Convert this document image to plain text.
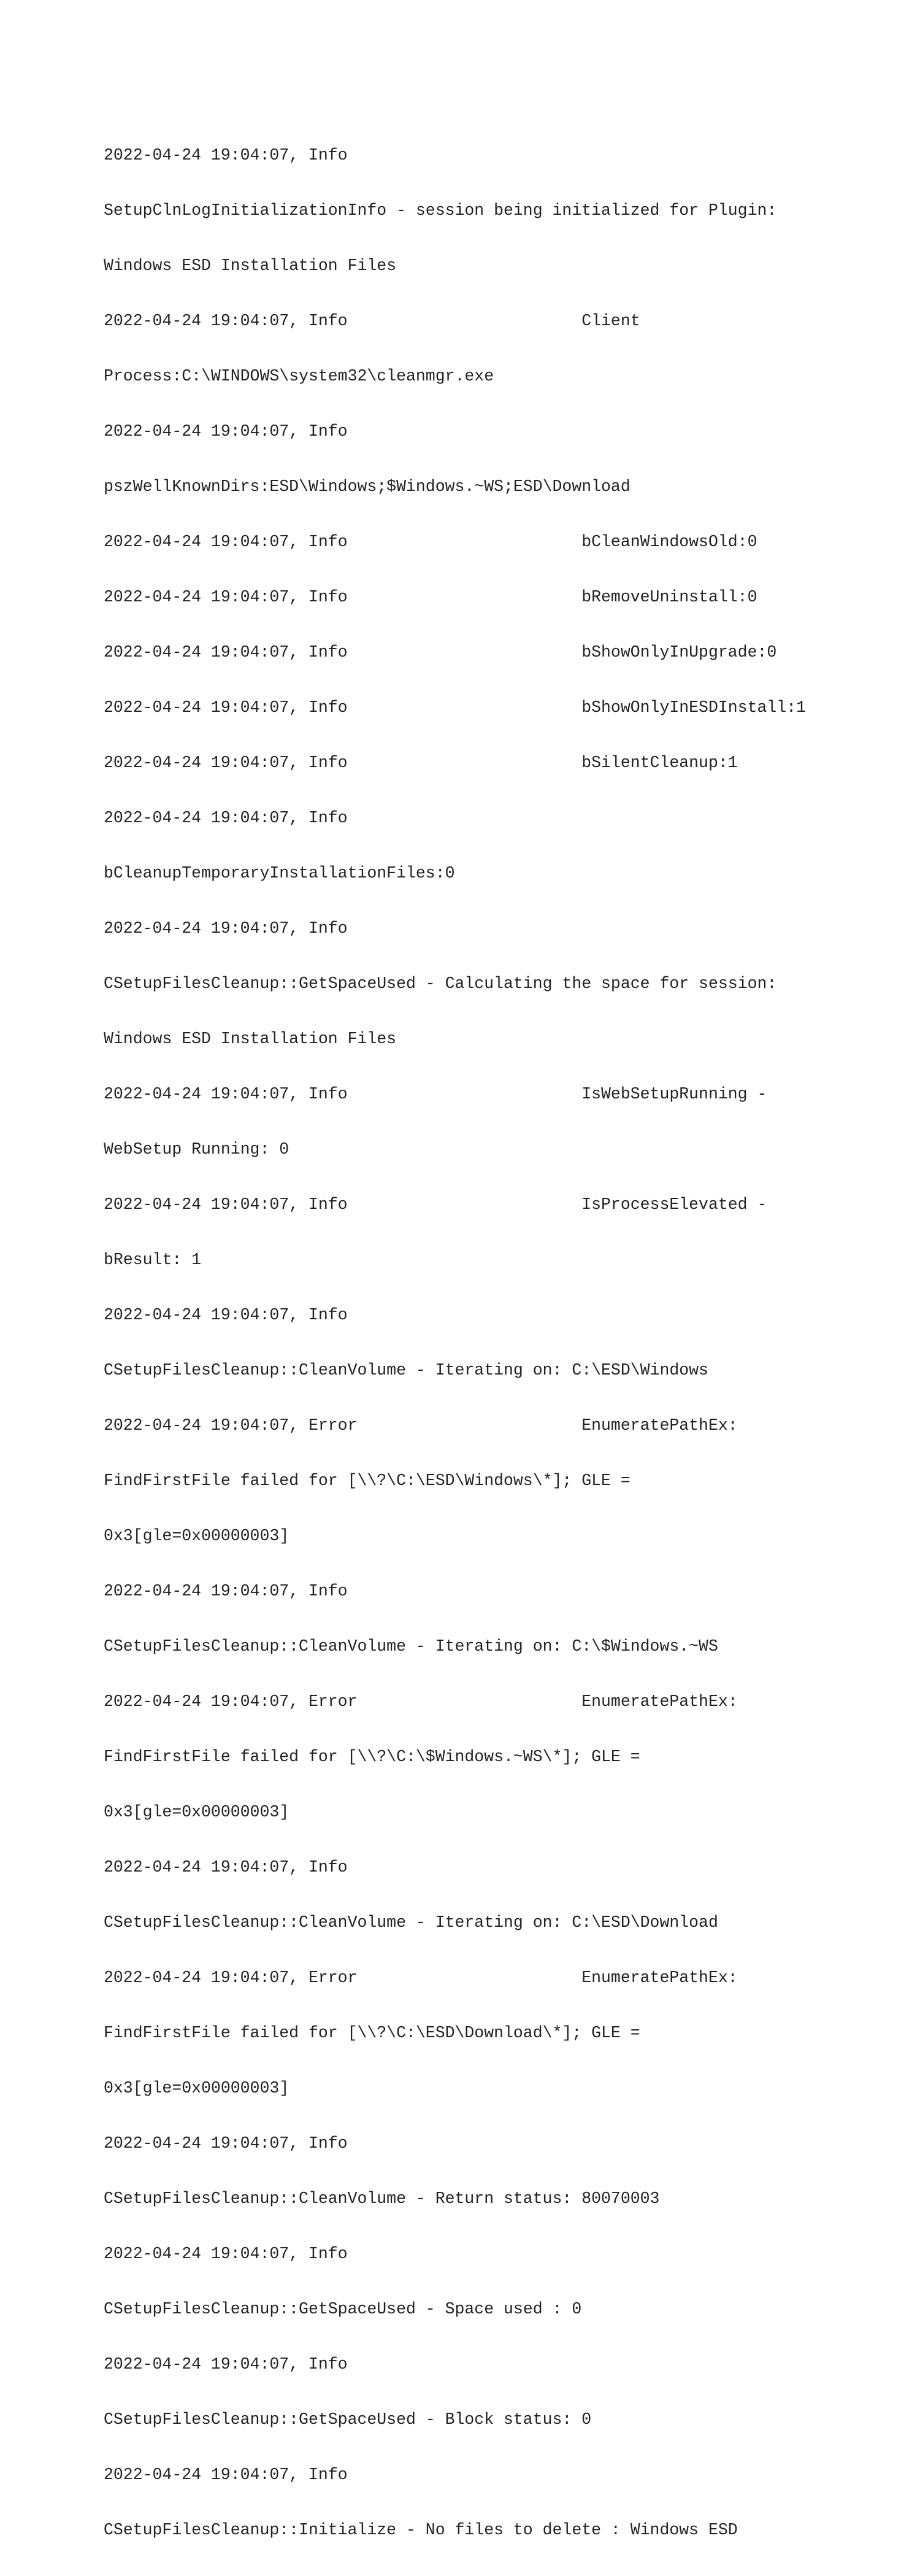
2022-04-24 19:04:07, Info

SetupClnLogInitializationInfo - session being initialized for Plugin:

Windows ESD Installation Files

2022-04-24 19:04:07, Info                        Client

Process:C:\WINDOWS\system32\cleanmgr.exe

2022-04-24 19:04:07, Info

pszWellKnownDirs:ESD\Windows;$Windows.~WS;ESD\Download

2022-04-24 19:04:07, Info                        bCleanWindowsOld:0

2022-04-24 19:04:07, Info                        bRemoveUninstall:0

2022-04-24 19:04:07, Info                        bShowOnlyInUpgrade:0

2022-04-24 19:04:07, Info                        bShowOnlyInESDInstall:1

2022-04-24 19:04:07, Info                        bSilentCleanup:1

2022-04-24 19:04:07, Info

bCleanupTemporaryInstallationFiles:0

2022-04-24 19:04:07, Info

CSetupFilesCleanup::GetSpaceUsed - Calculating the space for session:

Windows ESD Installation Files

2022-04-24 19:04:07, Info                        IsWebSetupRunning -

WebSetup Running: 0

2022-04-24 19:04:07, Info                        IsProcessElevated -

bResult: 1

2022-04-24 19:04:07, Info

CSetupFilesCleanup::CleanVolume - Iterating on: C:\ESD\Windows

2022-04-24 19:04:07, Error                       EnumeratePathEx:

FindFirstFile failed for [\\?\C:\ESD\Windows\*]; GLE =

0x3[gle=0x00000003]

2022-04-24 19:04:07, Info

CSetupFilesCleanup::CleanVolume - Iterating on: C:\$Windows.~WS

2022-04-24 19:04:07, Error                       EnumeratePathEx:

FindFirstFile failed for [\\?\C:\$Windows.~WS\*]; GLE =

0x3[gle=0x00000003]

2022-04-24 19:04:07, Info

CSetupFilesCleanup::CleanVolume - Iterating on: C:\ESD\Download

2022-04-24 19:04:07, Error                       EnumeratePathEx:

FindFirstFile failed for [\\?\C:\ESD\Download\*]; GLE =

0x3[gle=0x00000003]

2022-04-24 19:04:07, Info

CSetupFilesCleanup::CleanVolume - Return status: 80070003

2022-04-24 19:04:07, Info

CSetupFilesCleanup::GetSpaceUsed - Space used : 0

2022-04-24 19:04:07, Info

CSetupFilesCleanup::GetSpaceUsed - Block status: 0

2022-04-24 19:04:07, Info

CSetupFilesCleanup::Initialize - No files to delete : Windows ESD
